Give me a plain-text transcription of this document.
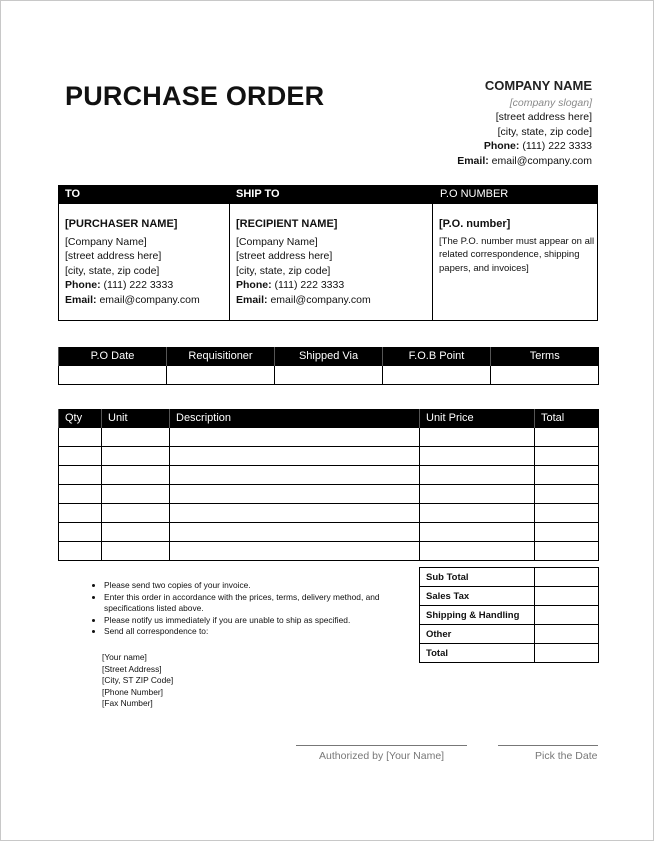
PURCHASE ORDER	COMPANY NAME
[company slogan]
[street address here]
[city, state, zip code]
Phone: (111) 222 3333
Email: email@company.com
TO	SHIP TO	P.O NUMBER
[PURCHASER NAME]
[Company Name]
[street address here]
[city, state, zip code]
Phone: (111) 222 3333
Email: email@company.com
[RECIPIENT NAME]
[Company Name]
[street address here]
[city, state, zip code]
Phone: (111) 222 3333
Email: email@company.com
[P.O. number]
[The P.O. number must appear on all related correspondence, shipping papers, and invoices]
P.O Date	Requisitioner	Shipped Via	F.O.B Point	Terms

Qty	Unit	Description	Unit Price	Total

Sub Total	
Sales Tax	
Shipping & Handling	
Other	
Total	
• Please send two copies of your invoice.
• Enter this order in accordance with the prices, terms, delivery method, and specifications listed above.
• Please notify us immediately if you are unable to ship as specified.
• Send all correspondence to:
[Your name]
[Street Address]
[City, ST ZIP Code]
[Phone Number]
[Fax Number]
Authorized by [Your Name]	Pick the Date
